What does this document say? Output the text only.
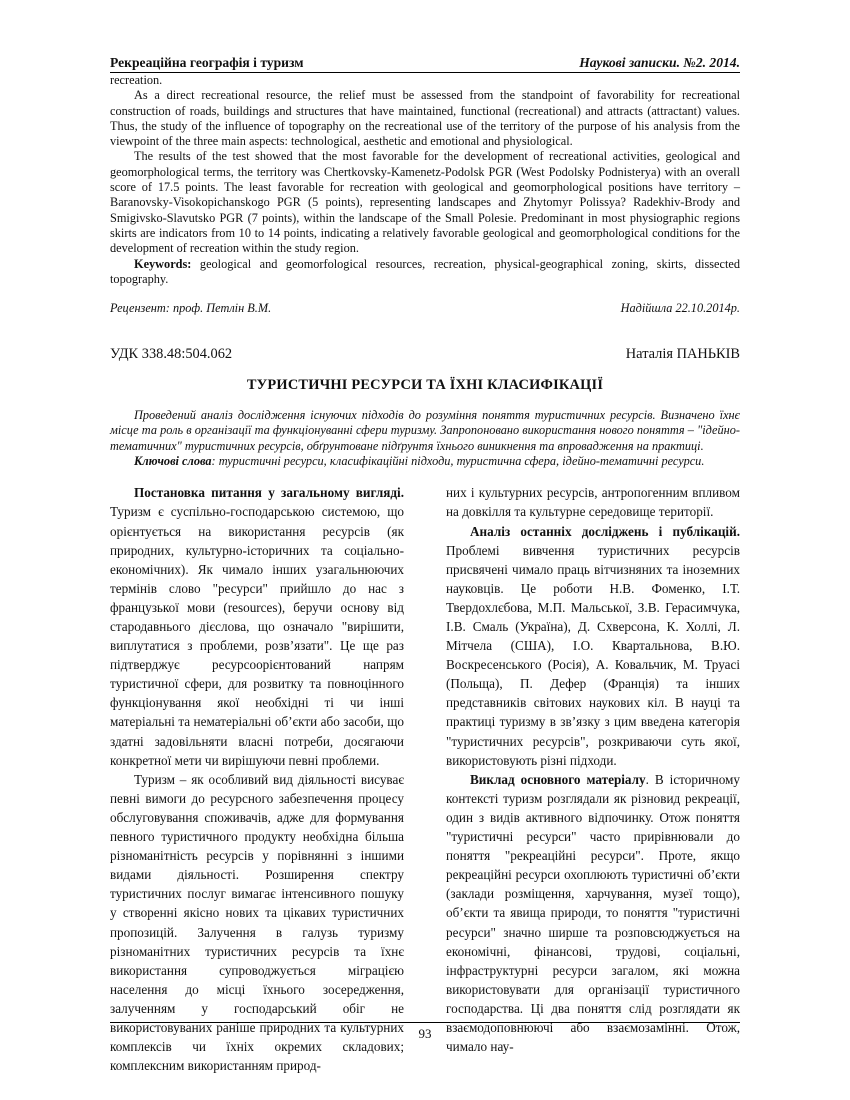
Рекреаційна географія і туризм	Наукові записки. №2. 2014.

recreation.

As a direct recreational resource, the relief must be assessed from the standpoint of favorability for recreational construction of roads, buildings and structures that have maintained, functional (recreational) and attracts (attractant) values. Thus, the study of the influence of topography on the recreational use of the territory of the purpose of his analysis from the viewpoint of the three main aspects: technological, aesthetic and emotional and physiological.

The results of the test showed that the most favorable for the development of recreational activities, geological and geomorphological terms, the territory was Chertkovsky-Kamenetz-Podolsk PGR (West Podolsky Podnisterya) with an overall score of 17.5 points. The least favorable for recreation with geological and geomorphological positions have territory – Baranovsky-Visokopichanskogo PGR (5 points), representing landscapes and Zhytomyr Polissya? Radekhiv-Brody and Smigivsko-Slavutsko PGR (7 points), within the landscape of the Small Polesie. Predominant in most physiographic regions skirts are indicators from 10 to 14 points, indicating a relatively favorable geological and geomorphological conditions for the development of recreation within the study region.

Keywords: geological and geomorfological resources, recreation, physical-geographical zoning, skirts, dissected topography.

Рецензент: проф. Петлін В.М.	Надійшла 22.10.2014р.
УДК 338.48:504.062	Наталія ПАНЬКІВ
ТУРИСТИЧНІ РЕСУРСИ ТА ЇХНІ КЛАСИФІКАЦІЇ

Проведений аналіз дослідження існуючих підходів до розуміння поняття туристичних ресурсів. Визначено їхнє місце та роль в організації та функціонуванні сфери туризму. Запропоновано використання нового поняття – "ідейно-тематичних" туристичних ресурсів, обґрунтоване підґрунтя їхнього виникнення та впровадження на практиці.

Ключові слова: туристичні ресурси, класифікаційні підходи, туристична сфера, ідейно-тематичні ресурси.

Постановка питання у загальному вигляді. Туризм є суспільно-господарською системою, що орієнтується на використання ресурсів (як природних, культурно-історичних та соціально-економічних). Як чимало інших узагальнюючих термінів слово "ресурси" прийшло до нас з французької мови (resources), беручи основу від стародавнього дієслова, що означало "вирішити, виплутатися з проблеми, розв’язати". Це ще раз підтверджує ресурсоорієнтований напрям туристичної сфери, для розвитку та повноцінного функціонування якої необхідні ті чи інші матеріальні та нематеріальні об’єкти або засоби, що здатні задовільняти власні потреби, досягаючи конкретної мети чи вирішуючи певні проблеми.

Туризм – як особливий вид діяльності висуває певні вимоги до ресурсного забезпечення процесу обслуговування споживачів, адже для формування певного туристичного продукту необхідна більша різноманітність ресурсів у порівнянні з іншими видами діяльності. Розширення спектру туристичних послуг вимагає інтенсивного пошуку у створенні якісно нових та цікавих туристичних пропозицій. Залучення в галузь туризму різноманітних туристичних ресурсів та їхнє використання супроводжується міграцією населення до місці їхнього зосередження, залученням у господарський обіг не використовуваних раніше природних та культурних комплексів чи їхніх окремих складових; комплексним використанням природ-

них і культурних ресурсів, антропогенним впливом на довкілля та культурне середовище території.

Аналіз останніх досліджень і публікацій. Проблемі вивчення туристичних ресурсів присвячені чимало праць вітчизняних та іноземних науковців. Це роботи Н.В. Фоменко, І.Т. Твердохлєбова, М.П. Мальської, З.В. Герасимчука, І.В. Смаль (Україна), Д. Схверсона, К. Холлі, Л. Мітчела (США), І.О. Квартальнова, В.Ю. Воскресенського (Росія), А. Ковальчик, М. Труасі (Польща), П. Дефер (Франція) та інших представників світових наукових кіл. В науці та практиці туризму в зв’язку з цим введена категорія "туристичних ресурсів", розкриваючи суть якої, використовують різні підходи.

Виклад основного матеріалу. В історичному контексті туризм розглядали як різновид рекреації, один з видів активного відпочинку. Отож поняття "туристичні ресурси" часто прирівнювали до поняття "рекреаційні ресурси". Проте, якщо рекреаційні ресурси охоплюють туристичні об’єкти (заклади розміщення, харчування, музеї тощо), об’єкти та явища природи, то поняття "туристичні ресурси" значно ширше та розповсюджується на економічні, фінансові, трудові, соціальні, інфраструктурні ресурси загалом, які можна використовувати для організації туристичного господарства. Ці два поняття слід розглядати як взаємодоповнюючі або взаємозамінні. Отож, чимало нау-

93
